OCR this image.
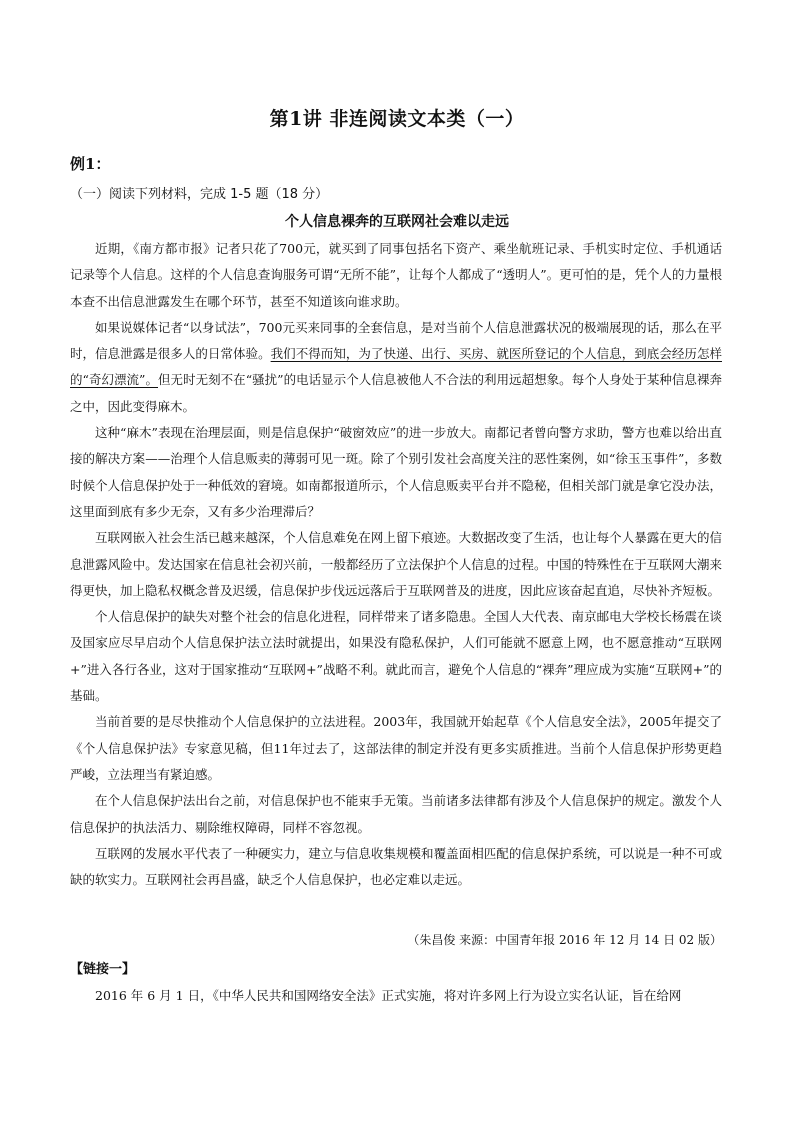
第1讲 非连阅读文本类（一）
例1：
（一）阅读下列材料，完成 1-5 题（18 分）
个人信息裸奔的互联网社会难以走远

近期，《南方都市报》记者只花了700元，就买到了同事包括名下资产、乘坐航班记录、手机实时定位、手机通话记录等个人信息。这样的个人信息查询服务可谓“无所不能”，让每个人都成了“透明人”。更可怕的是，凭个人的力量根本查不出信息泄露发生在哪个环节，甚至不知道该向谁求助。

如果说媒体记者“以身试法”，700元买来同事的全套信息，是对当前个人信息泄露状况的极端展现的话，那么在平时，信息泄露是很多人的日常体验。我们不得而知，为了快递、出行、买房、就医所登记的个人信息，到底会经历怎样的“奇幻漂流”。但无时无刻不在“骚扰”的电话显示个人信息被他人不合法的利用远超想象。每个人身处于某种信息裸奔之中，因此变得麻木。

这种“麻木”表现在治理层面，则是信息保护“破窗效应”的进一步放大。南都记者曾向警方求助，警方也难以给出直接的解决方案——治理个人信息贩卖的薄弱可见一斑。除了个别引发社会高度关注的恶性案例，如“徐玉玉事件”，多数时候个人信息保护处于一种低效的窘境。如南都报道所示，个人信息贩卖平台并不隐秘，但相关部门就是拿它没办法，这里面到底有多少无奈，又有多少治理滞后？

互联网嵌入社会生活已越来越深，个人信息难免在网上留下痕迹。大数据改变了生活，也让每个人暴露在更大的信息泄露风险中。发达国家在信息社会初兴前，一般都经历了立法保护个人信息的过程。中国的特殊性在于互联网大潮来得更快，加上隐私权概念普及迟缓，信息保护步伐远远落后于互联网普及的进度，因此应该奋起直追，尽快补齐短板。

个人信息保护的缺失对整个社会的信息化进程，同样带来了诸多隐患。全国人大代表、南京邮电大学校长杨震在谈及国家应尽早启动个人信息保护法立法时就提出，如果没有隐私保护，人们可能就不愿意上网，也不愿意推动“互联网+”进入各行各业，这对于国家推动“互联网+”战略不利。就此而言，避免个人信息的“裸奔”理应成为实施“互联网+”的基础。

当前首要的是尽快推动个人信息保护的立法进程。2003年，我国就开始起草《个人信息安全法》，2005年提交了《个人信息保护法》专家意见稿，但11年过去了，这部法律的制定并没有更多实质推进。当前个人信息保护形势更趋严峻，立法理当有紧迫感。

在个人信息保护法出台之前，对信息保护也不能束手无策。当前诸多法律都有涉及个人信息保护的规定。激发个人信息保护的执法活力、剔除维权障碍，同样不容忽视。

互联网的发展水平代表了一种硬实力，建立与信息收集规模和覆盖面相匹配的信息保护系统，可以说是一种不可或缺的软实力。互联网社会再昌盛，缺乏个人信息保护，也必定难以走远。

（朱昌俊 来源：中国青年报 2016 年 12 月 14 日 02 版）
【链接一】
2016 年 6 月 1 日，《中华人民共和国网络安全法》正式实施，将对许多网上行为设立实名认证，旨在给网
